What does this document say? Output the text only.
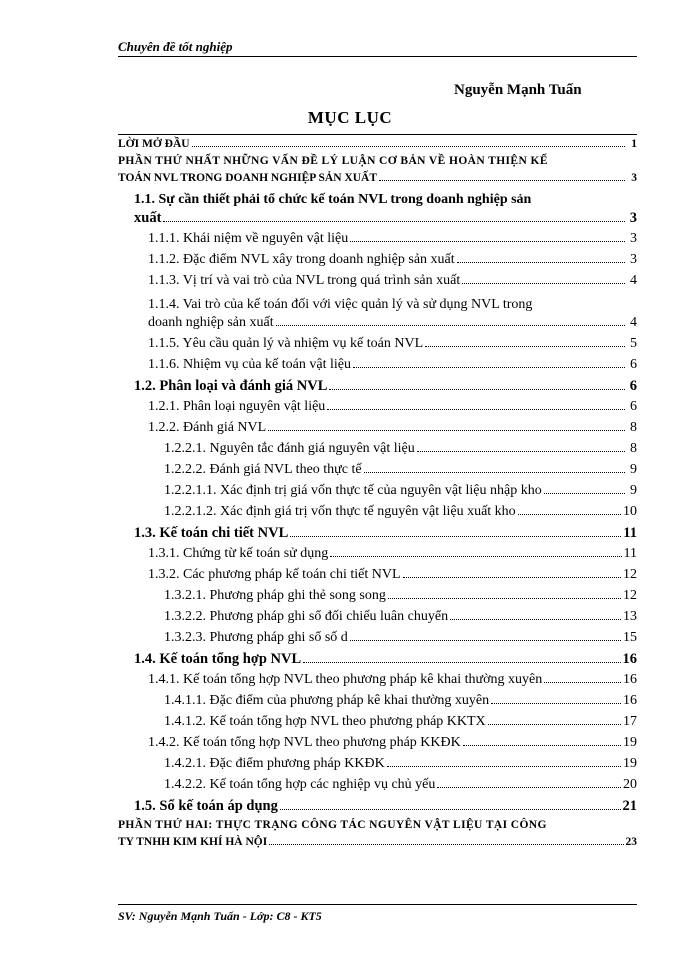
Chuyên đề tốt nghiệp
Nguyễn Mạnh Tuấn
MỤC LỤC
LỜI MỞ ĐẦU	1
PHẦN THỨ NHẤT NHỮNG VẤN ĐỀ LÝ LUẬN CƠ BẢN VỀ HOÀN THIỆN KẾ
TOÁN NVL TRONG DOANH NGHIỆP SẢN XUẤT	3
1.1. Sự cần thiết phải tổ chức kế toán NVL trong doanh nghiệp sản
xuất	3
1.1.1. Khái niệm về nguyên vật liệu	3
1.1.2. Đặc điểm NVL xây trong doanh nghiệp sản xuất	3
1.1.3. Vị trí và vai trò của NVL trong quá trình sản xuất	4
1.1.4. Vai trò của kế toán đối với việc quản lý và sử dụng NVL trong
doanh nghiệp sản xuất	4
1.1.5. Yêu cầu quản lý và nhiệm vụ kế toán NVL	5
1.1.6. Nhiệm vụ của kế toán vật liệu	6
1.2. Phân loại và đánh giá NVL	6
1.2.1. Phân loại nguyên vật liệu	6
1.2.2. Đánh giá NVL	8
1.2.2.1. Nguyên tắc đánh giá nguyên vật liệu	8
1.2.2.2. Đánh giá NVL theo thực tế	9
1.2.2.1.1. Xác định trị giá vốn thực tế của nguyên vật liệu nhập kho	9
1.2.2.1.2. Xác định giá trị vốn thực tế nguyên vật liệu xuất kho	10
1.3. Kế toán chi tiết NVL	11
1.3.1. Chứng từ kế toán sử dụng	11
1.3.2. Các phương pháp kế toán chi tiết NVL	12
1.3.2.1. Phương pháp ghi thẻ song song	12
1.3.2.2. Phương pháp ghi sổ đối chiếu luân chuyển	13
1.3.2.3. Phương pháp ghi sổ số d	15
1.4. Kế toán tổng hợp NVL	16
1.4.1. Kế toán tổng hợp NVL theo phương pháp kê khai thường xuyên	16
1.4.1.1. Đặc điểm của phương pháp kê khai thường xuyên	16
1.4.1.2. Kế toán tổng hợp NVL theo phương pháp KKTX	17
1.4.2. Kế toán tổng hợp NVL theo phương pháp KKĐK	19
1.4.2.1. Đặc điểm phương pháp KKĐK	19
1.4.2.2. Kế toán tổng hợp các nghiệp vụ chủ yếu	20
1.5. Sổ kế toán áp dụng	21
PHẦN THỨ HAI: THỰC TRẠNG CÔNG TÁC NGUYÊN VẬT LIỆU TẠI CÔNG
TY TNHH KIM KHÍ HÀ NỘI	23
SV: Nguyễn Mạnh Tuấn - Lớp: C8 - KT5
